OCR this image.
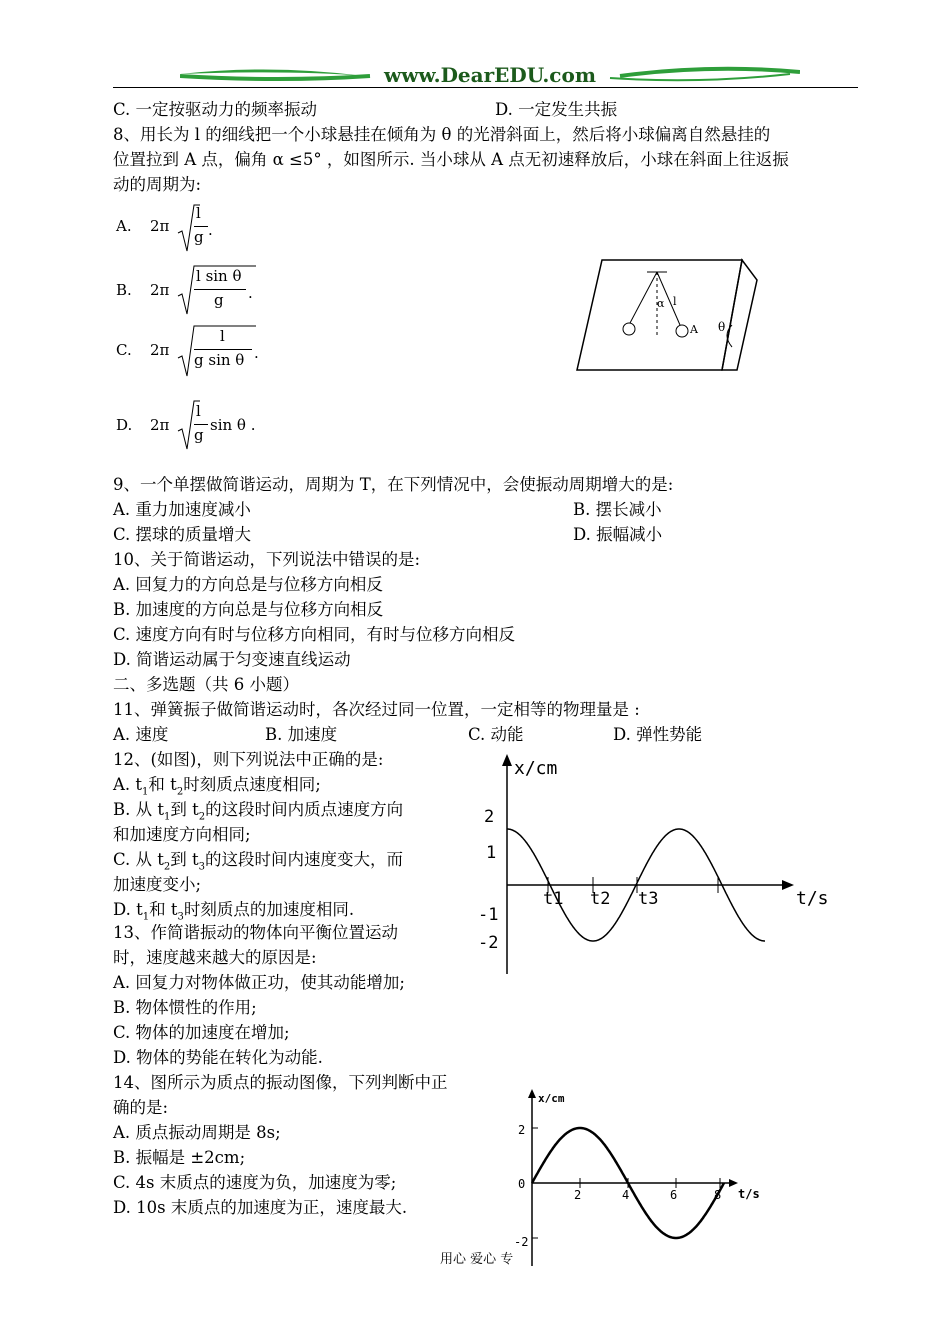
www.DearEDU.com
C. 一定按驱动力的频率振动	D. 一定发生共振
8、用长为 l 的细线把一个小球悬挂在倾角为 θ 的光滑斜面上，然后将小球偏离自然悬挂的
位置拉到 A 点，偏角 α ≤5° ，如图所示. 当小球从 A 点无初速释放后，小球在斜面上往返振
动的周期为:
A. 2π
l
g .
B. 2π
l sin θ
g .
C. 2π
l
g sin θ .
D. 2π
l
g
sin θ .
α l
A θ
9、一个单摆做简谐运动，周期为 T，在下列情况中，会使振动周期增大的是:
A. 重力加速度减小	B. 摆长减小
C. 摆球的质量增大	D. 振幅减小
10、关于简谐运动，下列说法中错误的是:
A. 回复力的方向总是与位移方向相反
B. 加速度的方向总是与位移方向相反
C. 速度方向有时与位移方向相同，有时与位移方向相反
D. 简谐运动属于匀变速直线运动
二、多选题（共 6 小题）
11、弹簧振子做简谐运动时，各次经过同一位置，一定相等的物理量是 :
A. 速度	B. 加速度	C. 动能	D. 弹性势能
12、(如图)，则下列说法中正确的是:
A. $t_1$和 $t_2$时刻质点速度相同;
B. 从 $t_1$到 $t_2$的这段时间内质点速度方向
和加速度方向相同;
C. 从 $t_2$到 $t_3$的这段时间内速度变大，而
加速度变小;
D. $t_1$和 $t_3$时刻质点的加速度相同.
x/cm
t/s
2
1
-1
-2
t1 t2 t3
13、作简谐振动的物体向平衡位置运动
时，速度越来越大的原因是:
A. 回复力对物体做正功，使其动能增加;
B. 物体惯性的作用;
C. 物体的加速度在增加;
D. 物体的势能在转化为动能.
14、图所示为质点的振动图像，下列判断中正
确的是:
A. 质点振动周期是 8s;
B. 振幅是 ±2cm;
C. 4s 末质点的速度为负，加速度为零;
D. 10s 末质点的加速度为正，速度最大.
x/cm
t/s
2
-2
0
2	4	6	8
用心 爱心 专
